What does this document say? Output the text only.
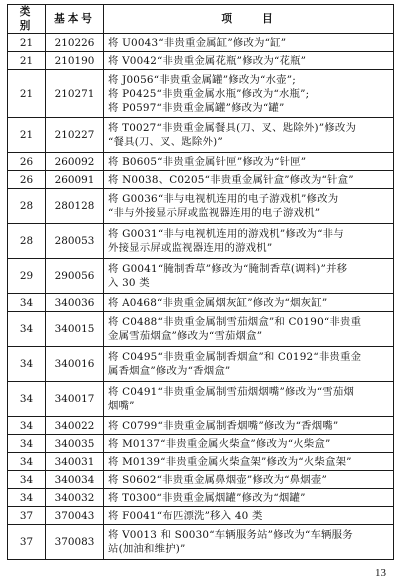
类 别	基本号	项　　目
21	210226	将 U0043“非贵重金属缸”修改为“缸”

21	210190	将 V0042“非贵重金属花瓶”修改为“花瓶”

21	210271	将 J0056“非贵重金属罐”修改为“水壶”;
将 P0425“非贵重金属水瓶”修改为“水瓶”;
将 P0597“非贵重金属罐”修改为“罐”

21	210227	将 T0027“非贵重金属餐具(刀、叉、匙除外)”修改为
“餐具(刀、叉、匙除外)”

26	260092	将 B0605“非贵重金属针匣”修改为“针匣”

26	260091	将 N0038、C0205“非贵重金属针盒”修改为“针盒”

28	280128	将 G0036“非与电视机连用的电子游戏机”修改为
“非与外接显示屏或监视器连用的电子游戏机”

28	280053	将 G0031“非与电视机连用的游戏机”修改为“非与
外接显示屏或监视器连用的游戏机”

29	290056	将 G0041“腌制香草”修改为“腌制香草(调料)”并移
入 30 类

34	340036	将 A0468“非贵重金属烟灰缸”修改为“烟灰缸”

34	340015	将 C0488“非贵重金属制雪茄烟盒”和 C0190“非贵重
金属雪茄烟盒”修改为“雪茄烟盒”

34	340016	将 C0495“非贵重金属制香烟盒”和 C0192“非贵重金
属香烟盒”修改为“香烟盒”

34	340017	将 C0491“非贵重金属制雪茄烟烟嘴”修改为“雪茄烟
烟嘴”

34	340022	将 C0799“非贵重金属制香烟嘴”修改为“香烟嘴”

34	340035	将 M0137“非贵重金属火柴盒”修改为“火柴盒”

34	340031	将 M0139“非贵重金属火柴盒架”修改为“火柴盒架”

34	340034	将 S0602“非贵重金属鼻烟壶”修改为“鼻烟壶”

34	340032	将 T0300“非贵重金属烟罐”修改为“烟罐”

37	370043	将 F0041“布匹漂洗”移入 40 类

37	370083	将 V0013 和 S0030“车辆服务站”修改为“车辆服务
站(加油和维护)”
13
